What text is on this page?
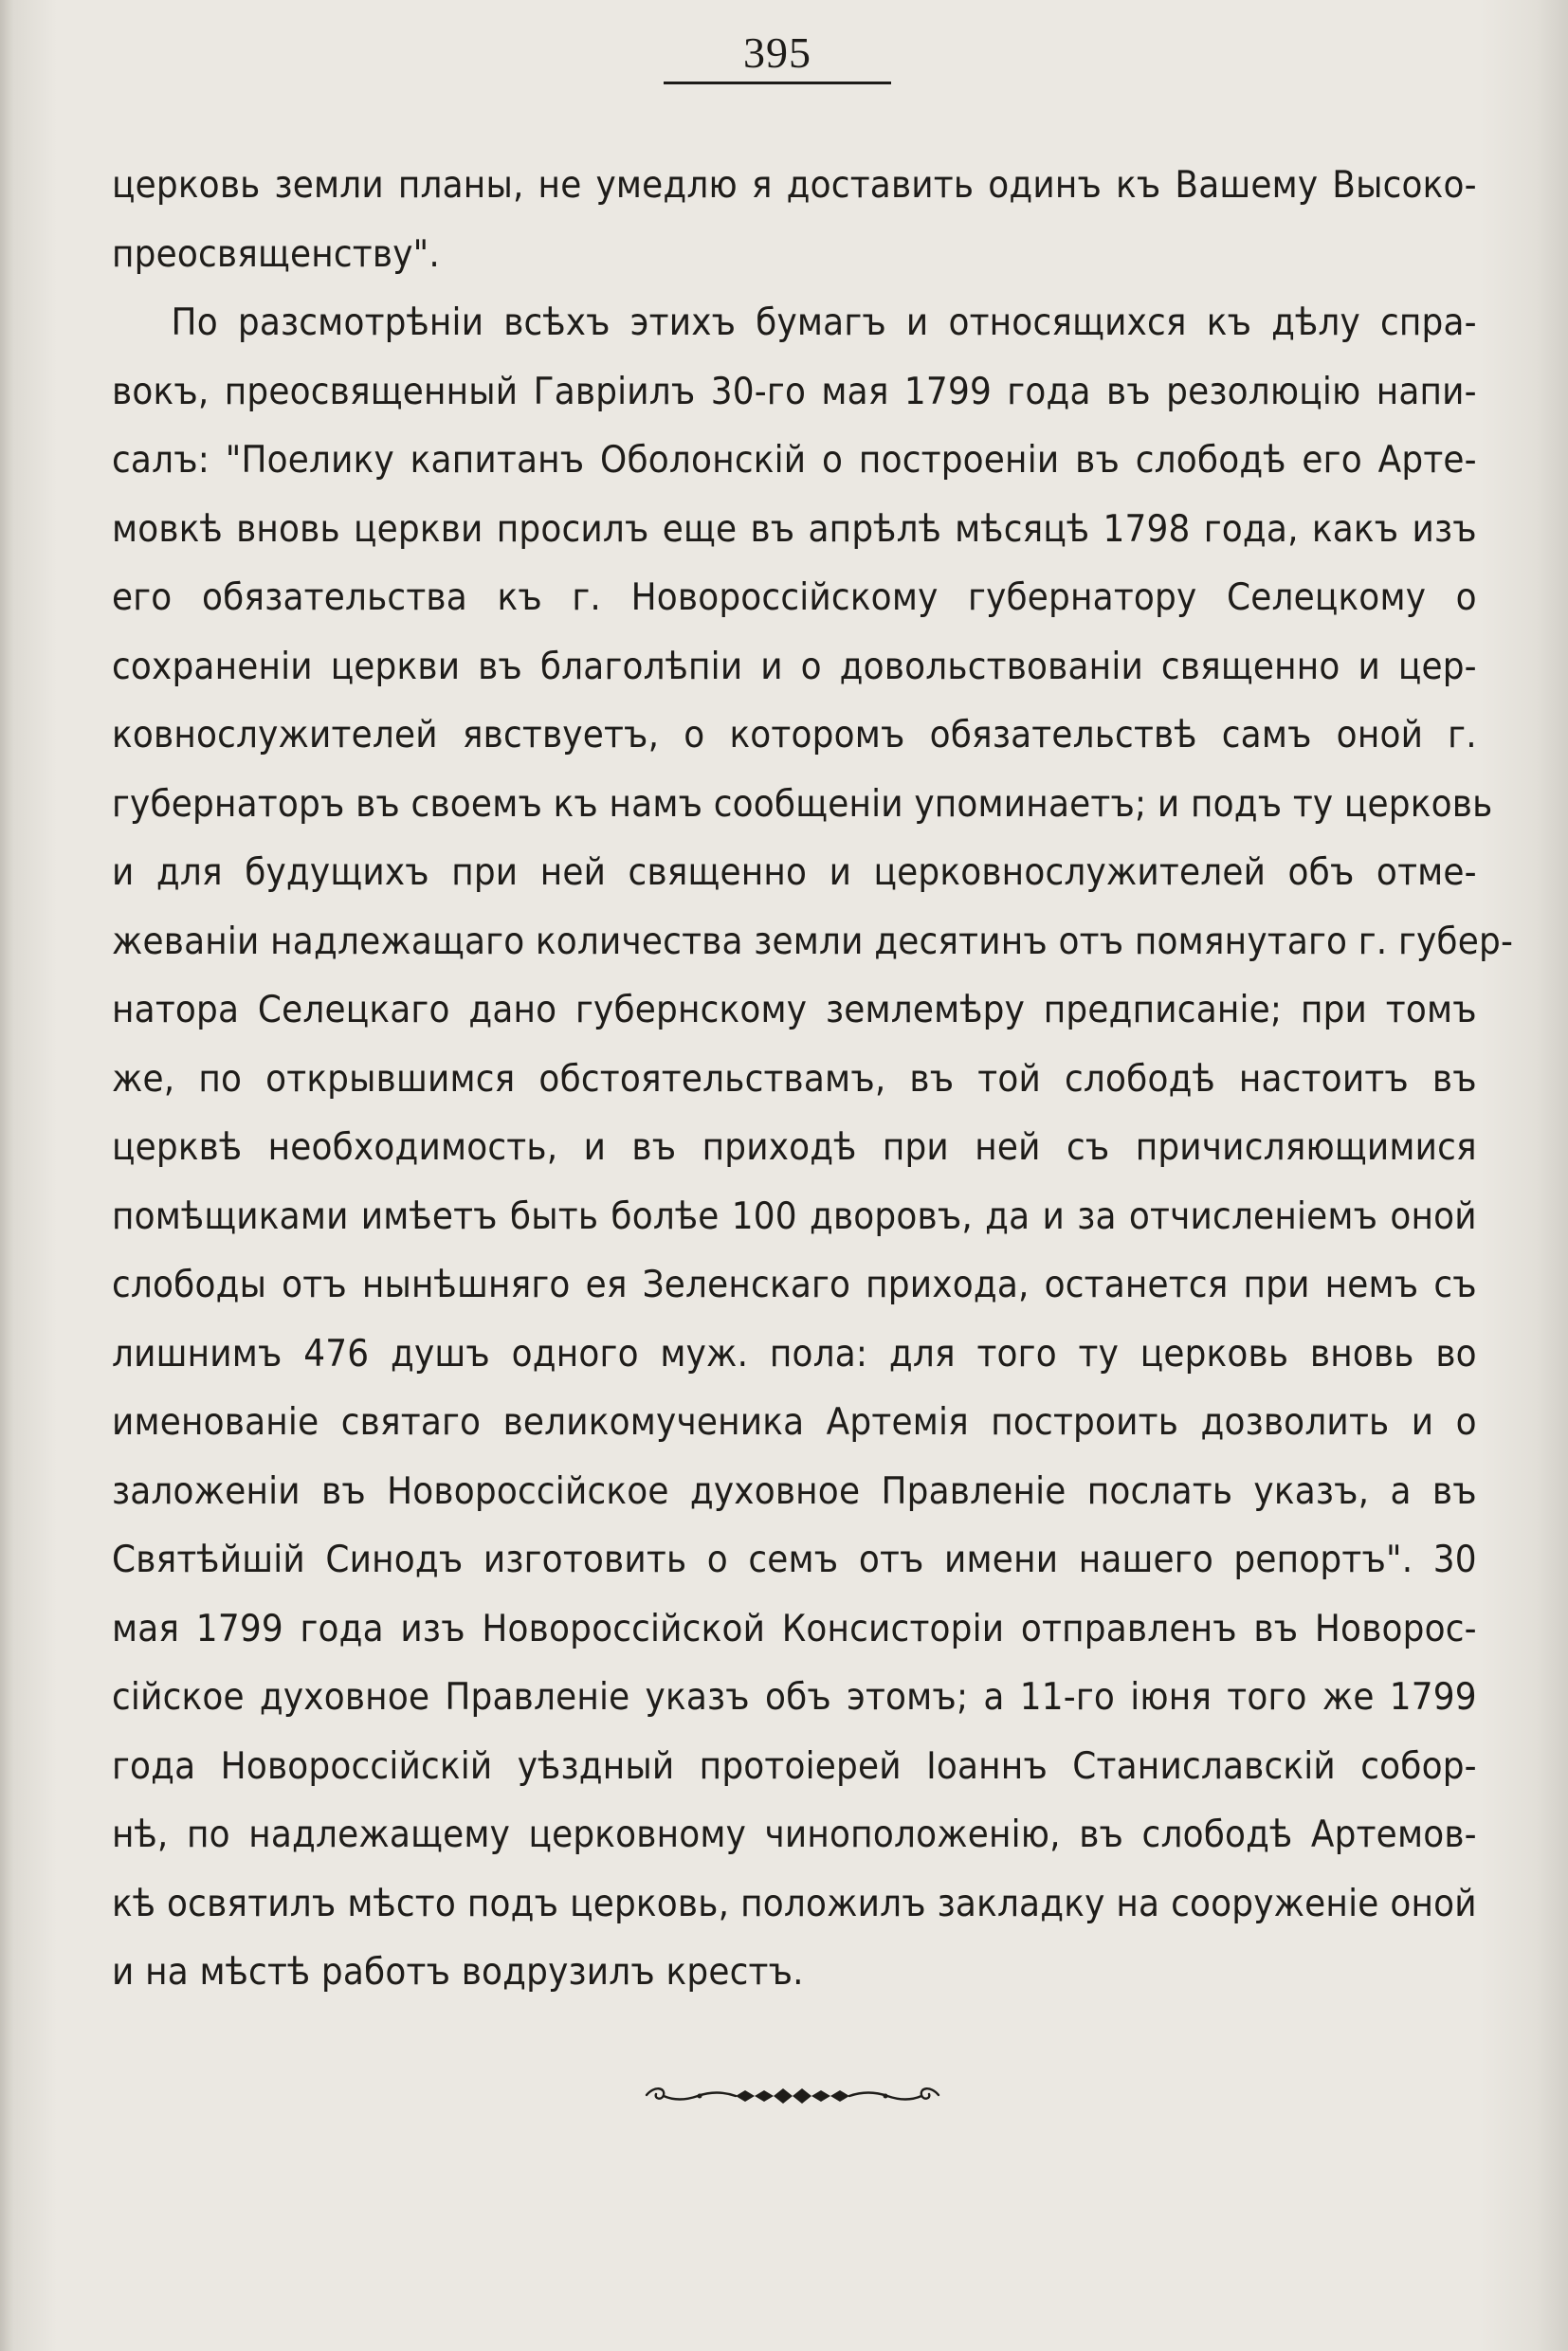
395
церковь земли планы, не умедлю я доставить одинъ къ Вашему Высоко-
преосвященству".
По разсмотрѣніи всѣхъ этихъ бумагъ и относящихся къ дѣлу спра-
вокъ, преосвященный Гавріилъ 30-го мая 1799 года въ резолюцію напи-
салъ: "Поелику капитанъ Оболонскій о построеніи въ слободѣ его Арте-
мовкѣ вновь церкви просилъ еще въ апрѣлѣ мѣсяцѣ 1798 года, какъ изъ
его обязательства къ г. Новороссійскому губернатору Селецкому о
сохраненіи церкви въ благолѣпіи и о довольствованіи священно и цер-
ковнослужителей явствуетъ, о которомъ обязательствѣ самъ оной г.
губернаторъ въ своемъ къ намъ сообщеніи упоминаетъ; и подъ ту церковь
и для будущихъ при ней священно и церковнослужителей объ отме-
жеваніи надлежащаго количества земли десятинъ отъ помянутаго г. губер-
натора Селецкаго дано губернскому землемѣру предписаніе; при томъ
же, по открывшимся обстоятельствамъ, въ той слободѣ настоитъ въ
церквѣ необходимость, и въ приходѣ при ней съ причисляющимися
помѣщиками имѣетъ быть болѣе 100 дворовъ, да и за отчисленіемъ оной
слободы отъ нынѣшняго ея Зеленскаго прихода, останется при немъ съ
лишнимъ 476 душъ одного муж. пола: для того ту церковь вновь во
именованіе святаго великомученика Артемія построить дозволить и о
заложеніи въ Новороссійское духовное Правленіе послать указъ, а въ
Святѣйшій Синодъ изготовить о семъ отъ имени нашего репортъ". 30
мая 1799 года изъ Новороссійской Консисторіи отправленъ въ Новорос-
сійское духовное Правленіе указъ объ этомъ; а 11-го іюня того же 1799
года Новороссійскій уѣздный протоіерей Іоаннъ Станиславскій собор-
нѣ, по надлежащему церковному чиноположенію, въ слободѣ Артемов-
кѣ освятилъ мѣсто подъ церковь, положилъ закладку на сооруженіе оной
и на мѣстѣ работъ водрузилъ крестъ.
